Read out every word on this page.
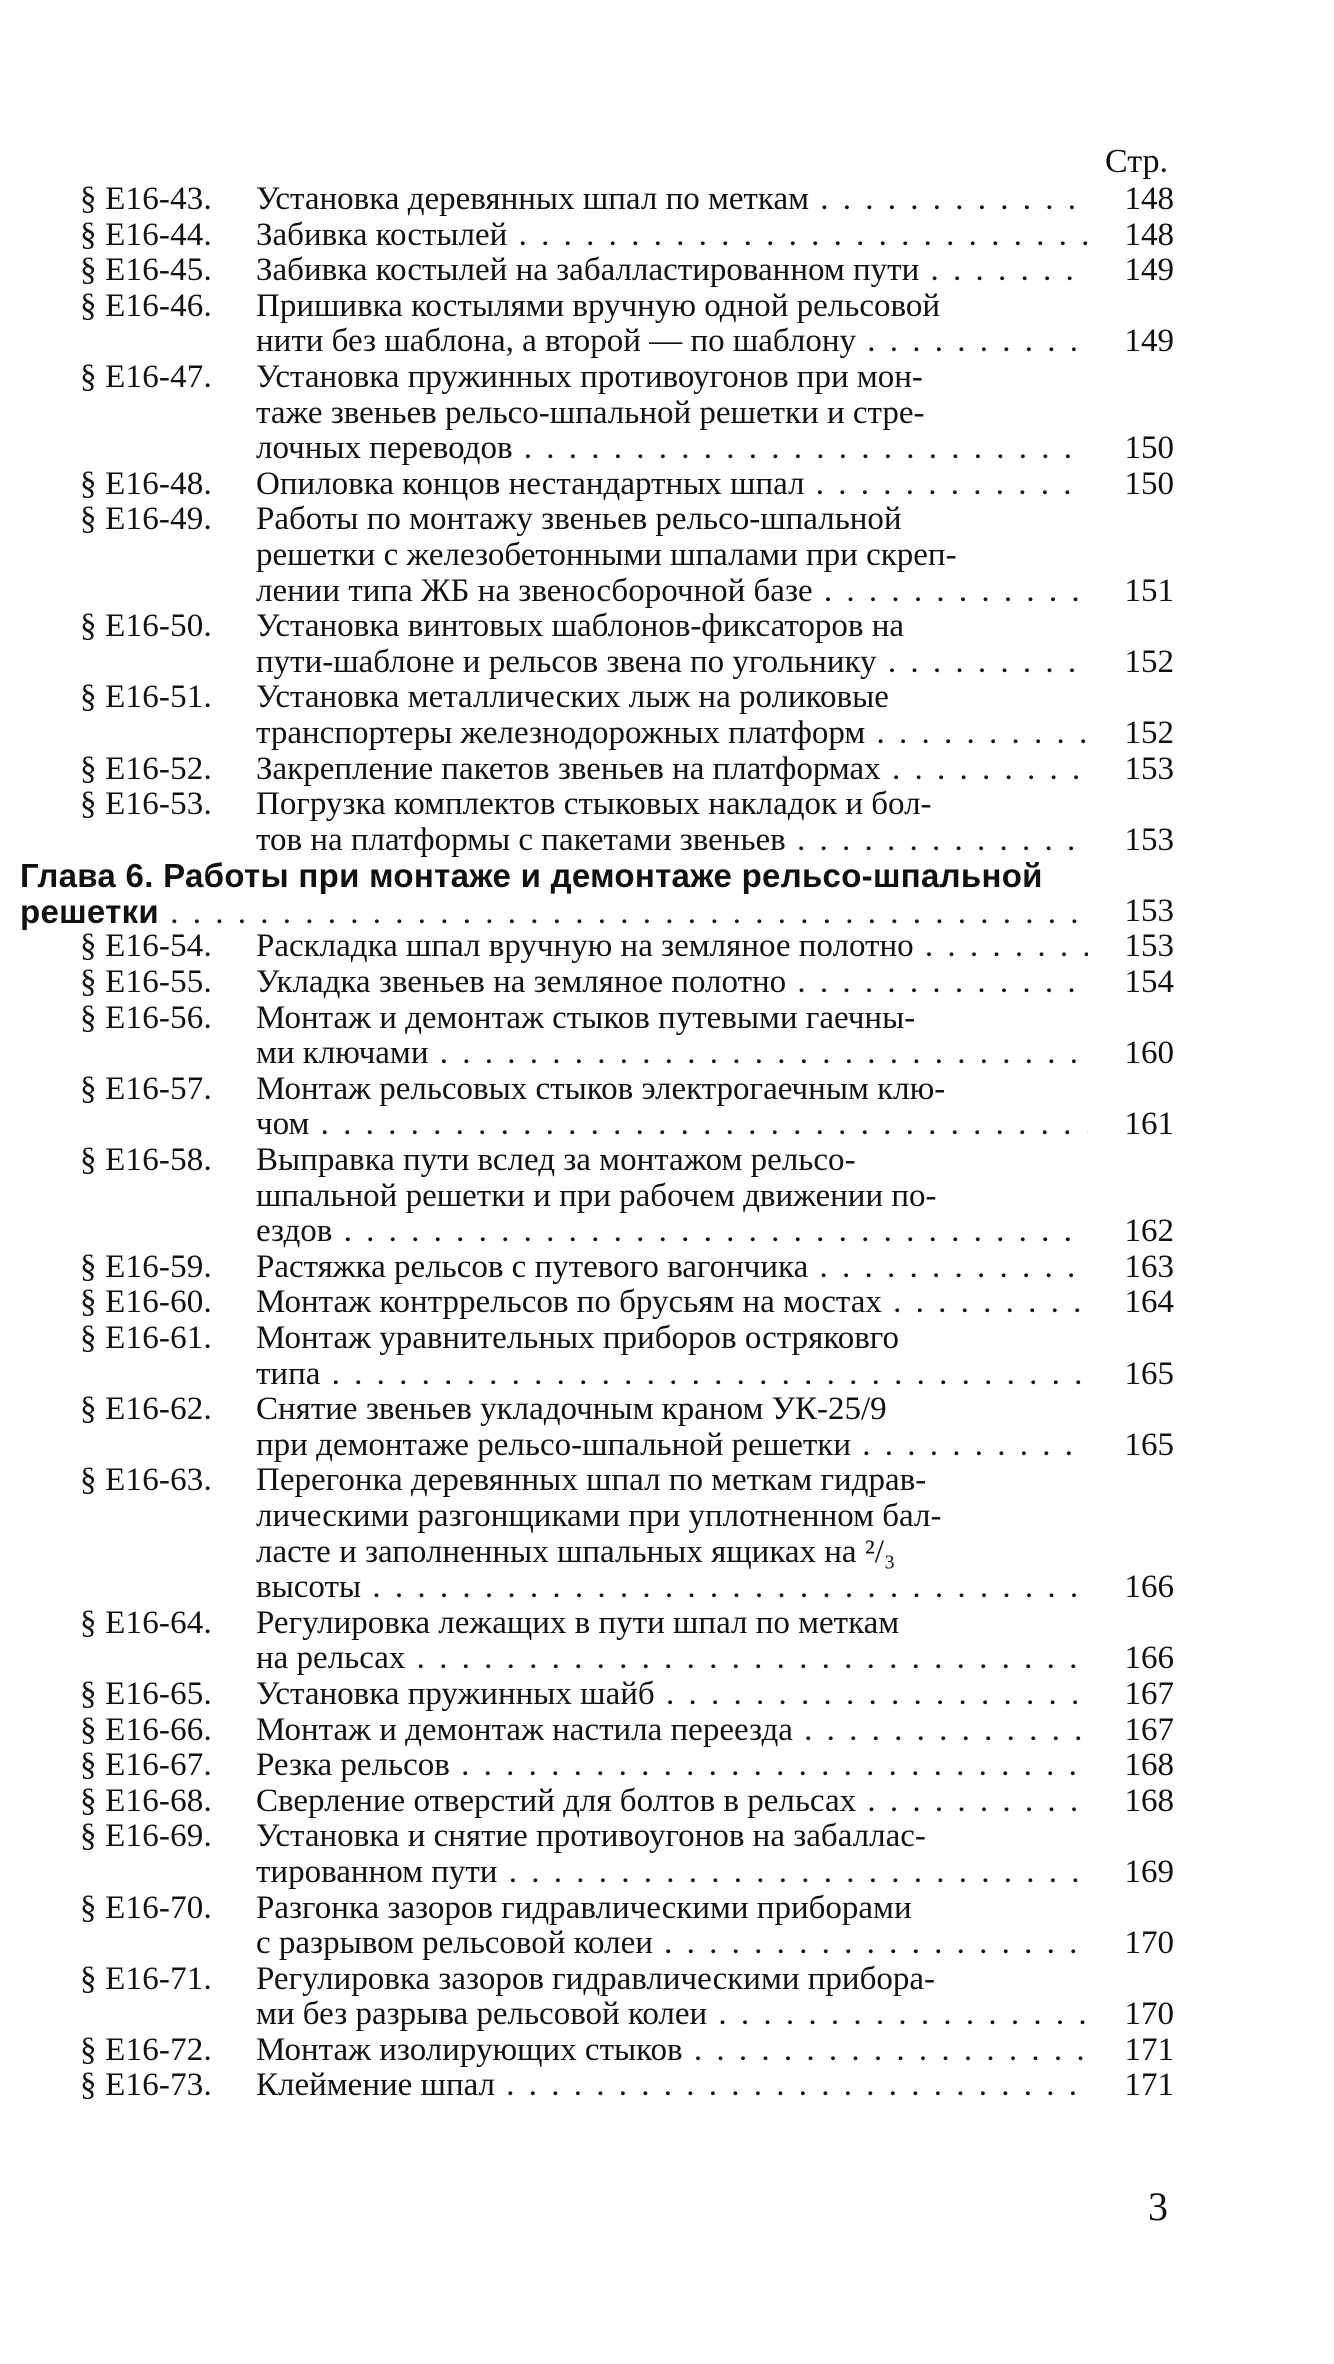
Стр.
§ Е16-43.	Установка деревянных шпал по меткам . . .	148
§ Е16-44.	Забивка костылей . . .	148
§ Е16-45.	Забивка костылей на забалластированном пути . . .	149
§ Е16-46.	Пришивка костылями вручную одной рельсовой
нити без шаблона, а второй — по шаблону . . .	149
§ Е16-47.	Установка пружинных противоугонов при мон-
таже звеньев рельсо-шпальной решетки и стре-
лочных переводов . . .	150
§ Е16-48.	Опиловка концов нестандартных шпал . . .	150
§ Е16-49.	Работы по монтажу звеньев рельсо-шпальной
решетки с железобетонными шпалами при скреп-
лении типа ЖБ на звеносборочной базе . . .	151
§ Е16-50.	Установка винтовых шаблонов-фиксаторов на
пути-шаблоне и рельсов звена по угольнику . . .	152
§ Е16-51.	Установка металлических лыж на роликовые
транспортеры железнодорожных платформ . . .	152
§ Е16-52.	Закрепление пакетов звеньев на платформах . . .	153
§ Е16-53.	Погрузка комплектов стыковых накладок и бол-
тов на платформы с пакетами звеньев . . .	153
Глава 6. Работы при монтаже и демонтаже рельсо-шпальной
решетки . . .	153
§ Е16-54.	Раскладка шпал вручную на земляное полотно . . .	153
§ Е16-55.	Укладка звеньев на земляное полотно . . .	154
§ Е16-56.	Монтаж и демонтаж стыков путевыми гаечны-
ми ключами . . .	160
§ Е16-57.	Монтаж рельсовых стыков электрогаечным клю-
чом . . .	161
§ Е16-58.	Выправка пути вслед за монтажом рельсо-
шпальной решетки и при рабочем движении по-
ездов . . .	162
§ Е16-59.	Растяжка рельсов с путевого вагончика . . .	163
§ Е16-60.	Монтаж контррельсов по брусьям на мостах . . .	164
§ Е16-61.	Монтаж уравнительных приборов остряковго
типа . . .	165
§ Е16-62.	Снятие звеньев укладочным краном УК-25/9
при демонтаже рельсо-шпальной решетки . . .	165
§ Е16-63.	Перегонка деревянных шпал по меткам гидрав-
лическими разгонщиками при уплотненном бал-
ласте и заполненных шпальных ящиках на ²/₃
высоты . . .	166
§ Е16-64.	Регулировка лежащих в пути шпал по меткам
на рельсах . . .	166
§ Е16-65.	Установка пружинных шайб . . .	167
§ Е16-66.	Монтаж и демонтаж настила переезда . . .	167
§ Е16-67.	Резка рельсов . . .	168
§ Е16-68.	Сверление отверстий для болтов в рельсах . . .	168
§ Е16-69.	Установка и снятие противоугонов на забаллас-
тированном пути . . .	169
§ Е16-70.	Разгонка зазоров гидравлическими приборами
с разрывом рельсовой колеи . . .	170
§ Е16-71.	Регулировка зазоров гидравлическими прибора-
ми без разрыва рельсовой колеи . . .	170
§ Е16-72.	Монтаж изолирующих стыков . . .	171
§ Е16-73.	Клеймение шпал . . .	171
3
